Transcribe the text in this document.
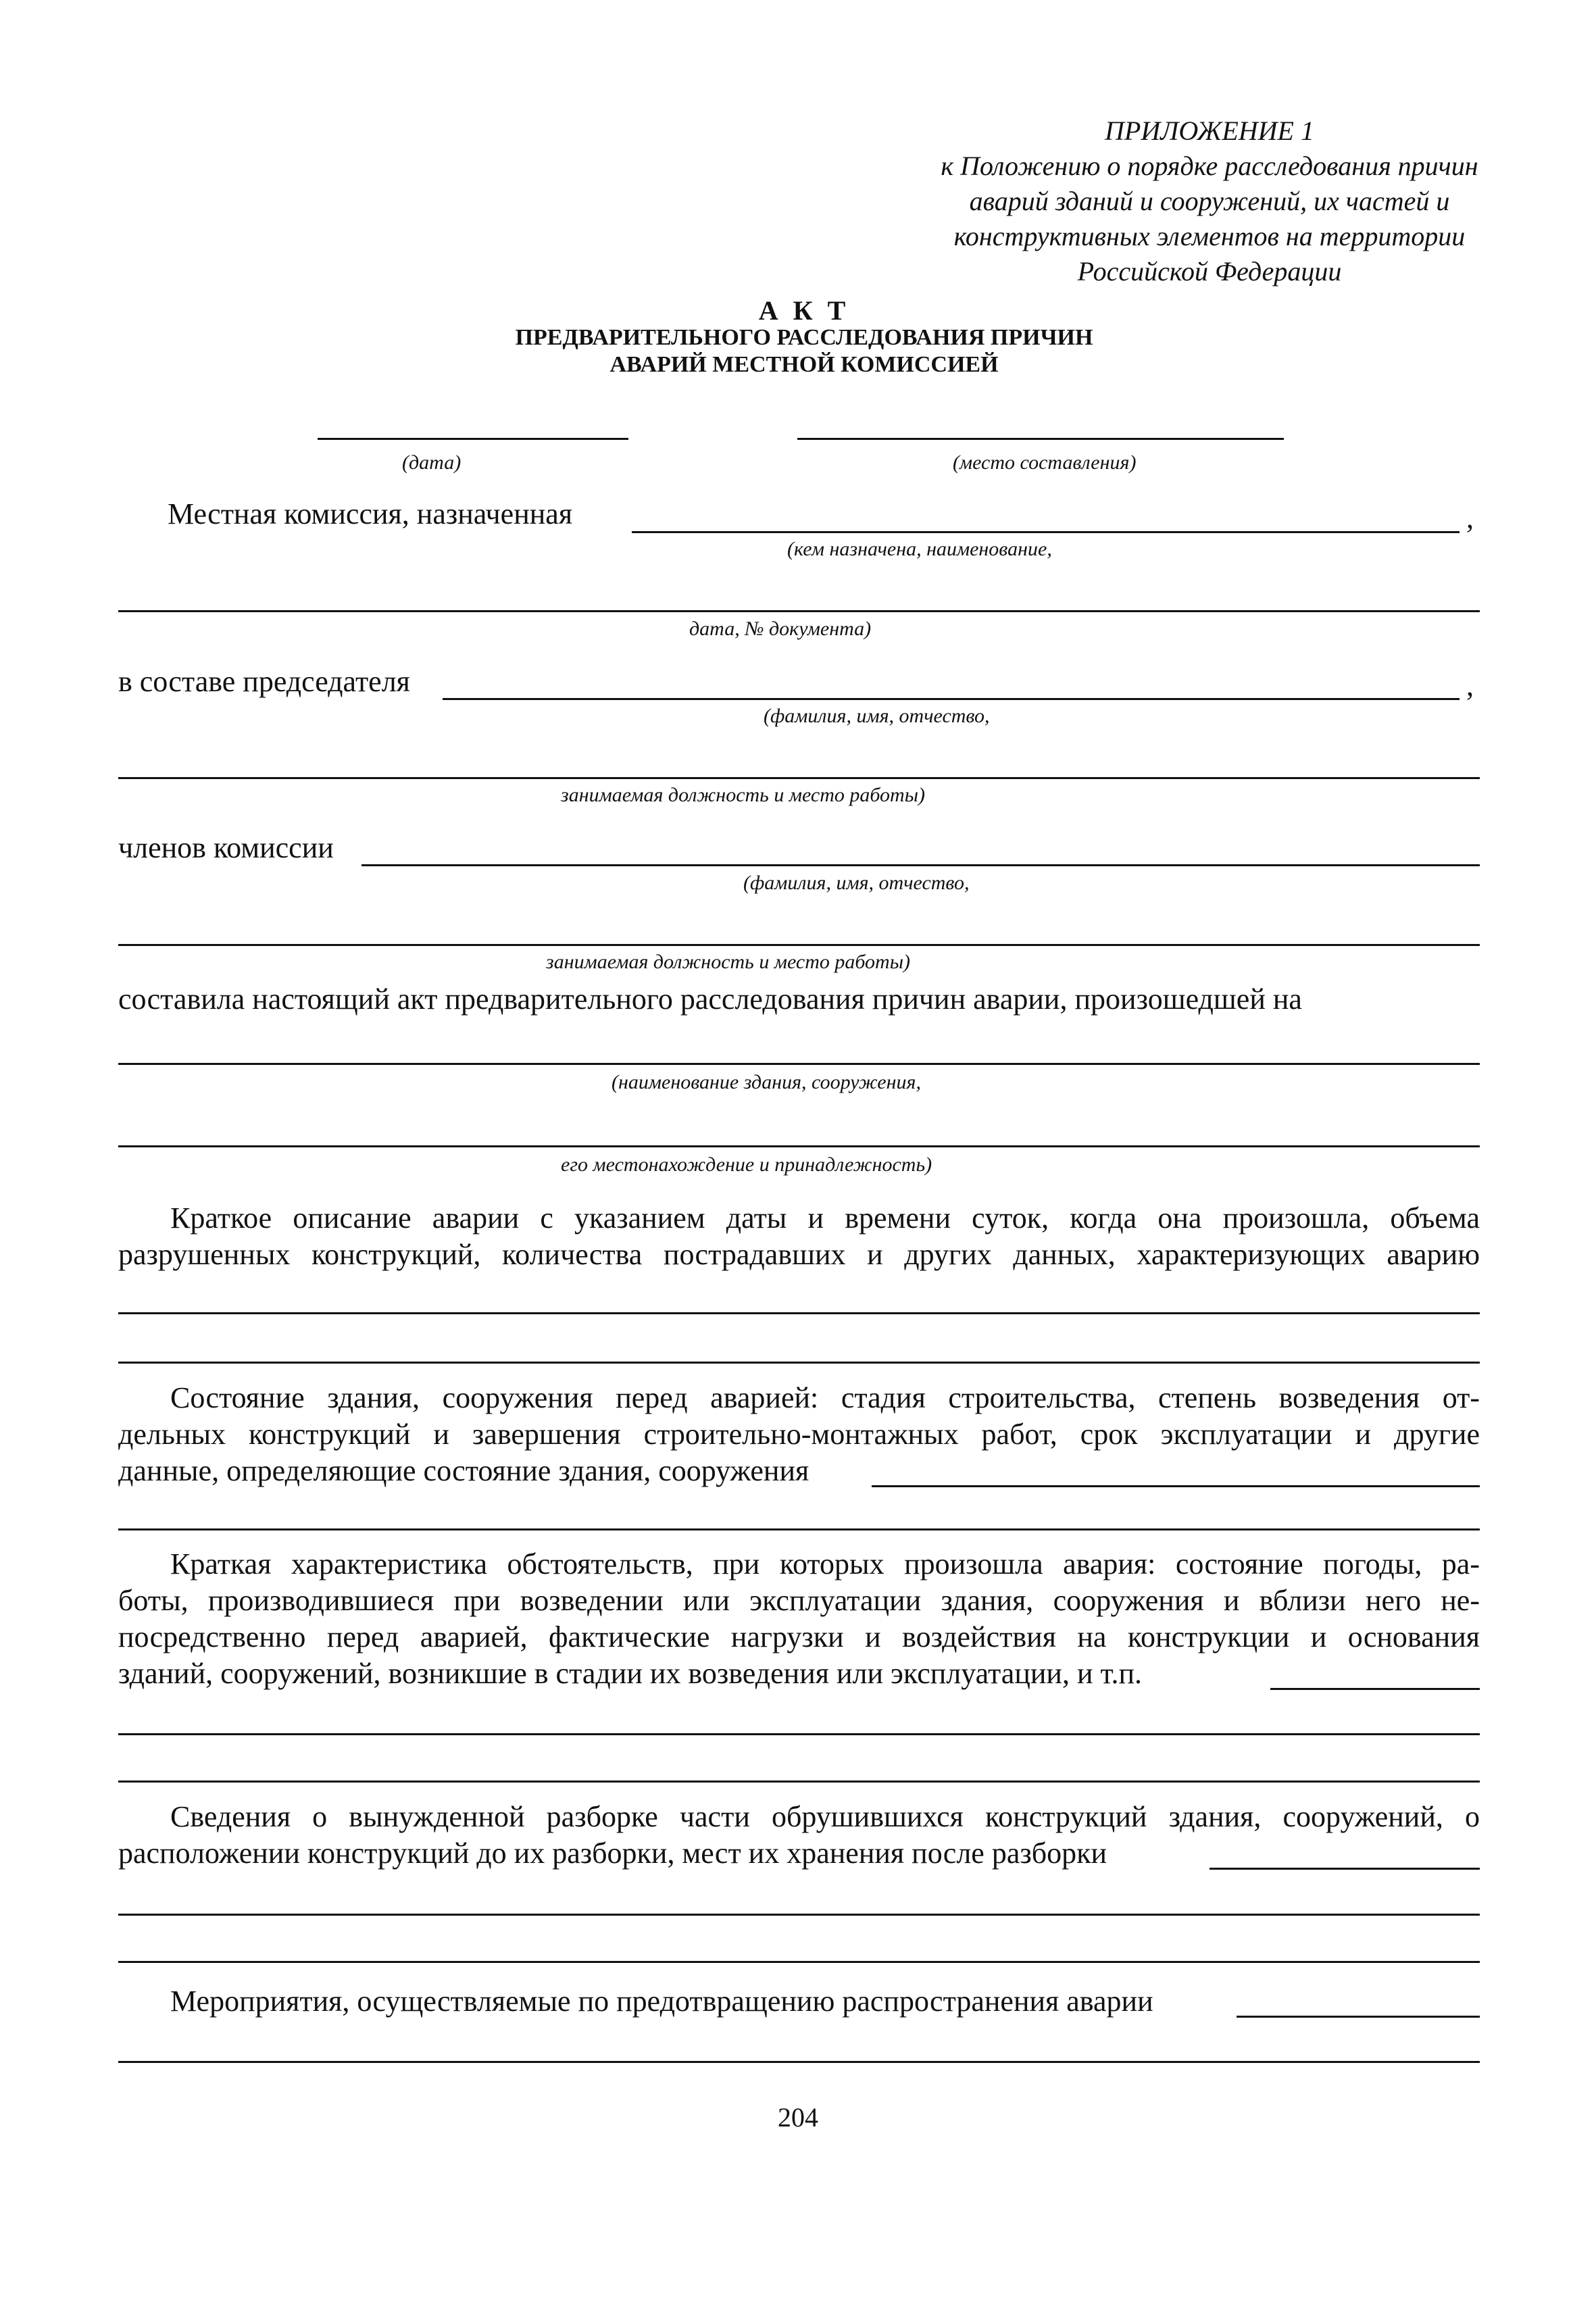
ПРИЛОЖЕНИЕ 1
к Положению о порядке расследования причин
аварий зданий и сооружений, их частей и
конструктивных элементов на территории
Российской Федерации
А К Т
ПРЕДВАРИТЕЛЬНОГО РАССЛЕДОВАНИЯ ПРИЧИН
АВАРИЙ МЕСТНОЙ КОМИССИЕЙ
(дата)	(место составления)
Местная комиссия, назначенная	,
(кем назначена, наименование,
дата, № документа)
в составе председателя	,
(фамилия, имя, отчество,
занимаемая должность и место работы)
членов комиссии
(фамилия, имя, отчество,
занимаемая должность и место работы)
составила настоящий акт предварительного расследования причин аварии, произошедшей на
(наименование здания, сооружения,
его местонахождение и принадлежность)
Краткое описание аварии с указанием даты и времени суток, когда она произошла, объема
разрушенных конструкций, количества пострадавших и других данных, характеризующих аварию
Состояние здания, сооружения перед аварией: стадия строительства, степень возведения от-
дельных конструкций и завершения строительно-монтажных работ, срок эксплуатации и другие
данные, определяющие состояние здания, сооружения
Краткая характеристика обстоятельств, при которых произошла авария: состояние погоды, ра-
боты, производившиеся при возведении или эксплуатации здания, сооружения и вблизи него не-
посредственно перед аварией, фактические нагрузки и воздействия на конструкции и основания
зданий, сооружений, возникшие в стадии их возведения или эксплуатации, и т.п.
Сведения о вынужденной разборке части обрушившихся конструкций здания, сооружений, о
расположении конструкций до их разборки, мест их хранения после разборки
Мероприятия, осуществляемые по предотвращению распространения аварии
204
